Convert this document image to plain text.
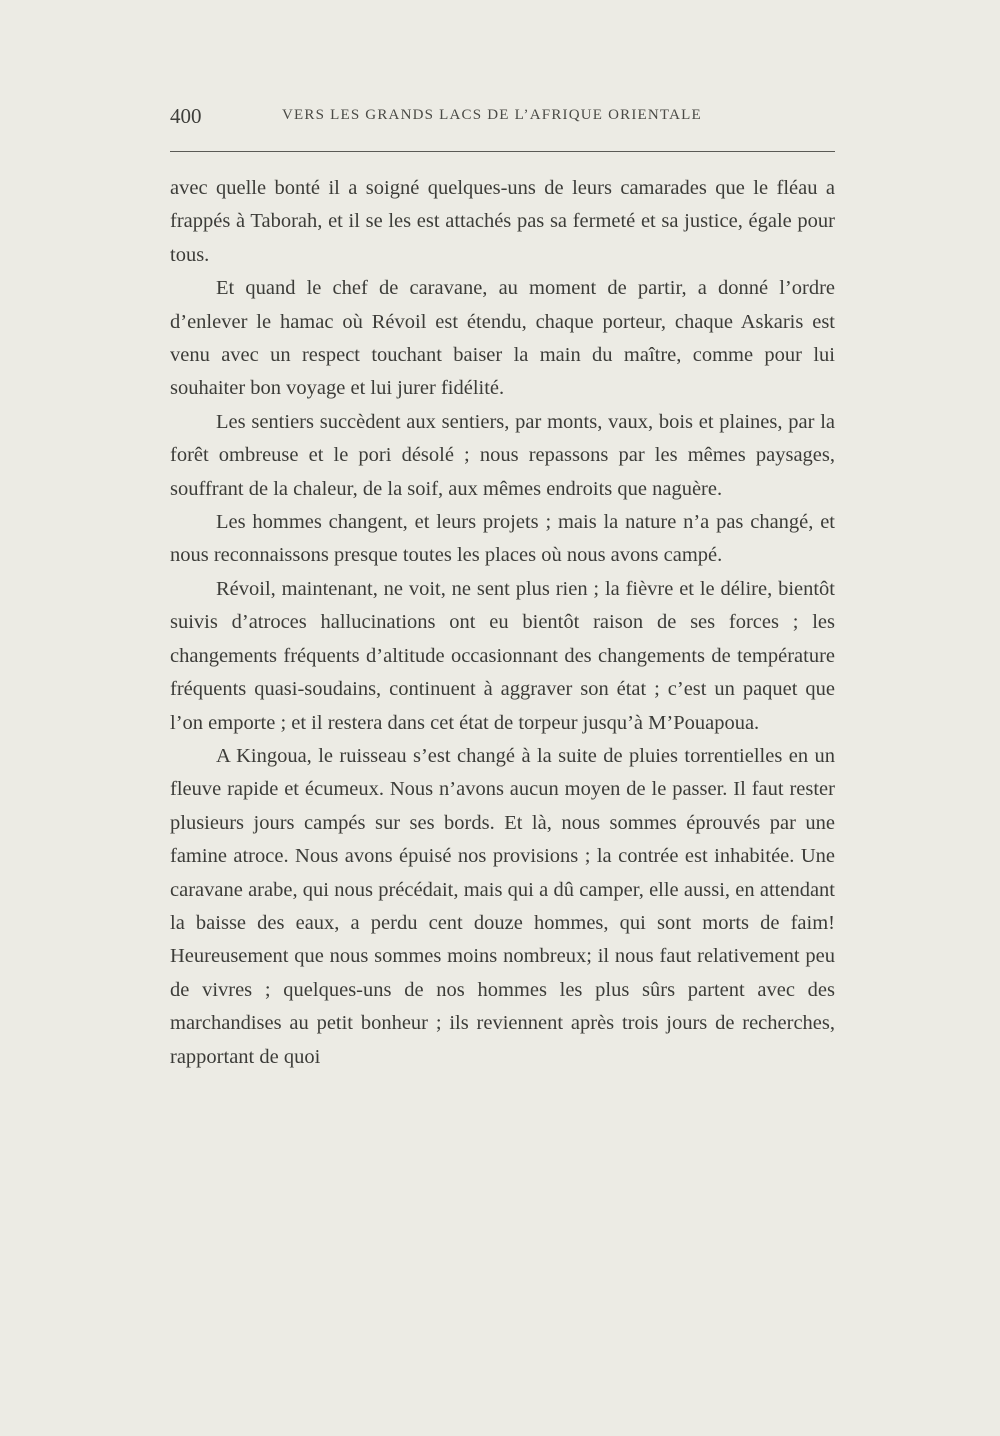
400	VERS LES GRANDS LACS DE L’AFRIQUE ORIENTALE

avec quelle bonté il a soigné quelques-uns de leurs camarades que le fléau a frappés à Taborah, et il se les est attachés pas sa fermeté et sa justice, égale pour tous.

Et quand le chef de caravane, au moment de partir, a donné l’ordre d’enlever le hamac où Révoil est étendu, chaque porteur, chaque Askaris est venu avec un respect touchant baiser la main du maître, comme pour lui souhaiter bon voyage et lui jurer fidélité.

Les sentiers succèdent aux sentiers, par monts, vaux, bois et plaines, par la forêt ombreuse et le pori désolé ; nous repassons par les mêmes paysages, souffrant de la chaleur, de la soif, aux mêmes endroits que naguère.

Les hommes changent, et leurs projets ; mais la nature n’a pas changé, et nous reconnaissons presque toutes les places où nous avons campé.

Révoil, maintenant, ne voit, ne sent plus rien ; la fièvre et le délire, bientôt suivis d’atroces hallucinations ont eu bientôt raison de ses forces ; les changements fréquents d’altitude occasionnant des changements de température fréquents quasi-soudains, continuent à aggraver son état ; c’est un paquet que l’on emporte ; et il restera dans cet état de torpeur jusqu’à M’Pouapoua.

A Kingoua, le ruisseau s’est changé à la suite de pluies torrentielles en un fleuve rapide et écumeux. Nous n’avons aucun moyen de le passer. Il faut rester plusieurs jours campés sur ses bords. Et là, nous sommes éprouvés par une famine atroce. Nous avons épuisé nos provisions ; la contrée est inhabitée. Une caravane arabe, qui nous précédait, mais qui a dû camper, elle aussi, en attendant la baisse des eaux, a perdu cent douze hommes, qui sont morts de faim! Heureusement que nous sommes moins nombreux; il nous faut relativement peu de vivres ; quelques-uns de nos hommes les plus sûrs partent avec des marchandises au petit bonheur ; ils reviennent après trois jours de recherches, rapportant de quoi
